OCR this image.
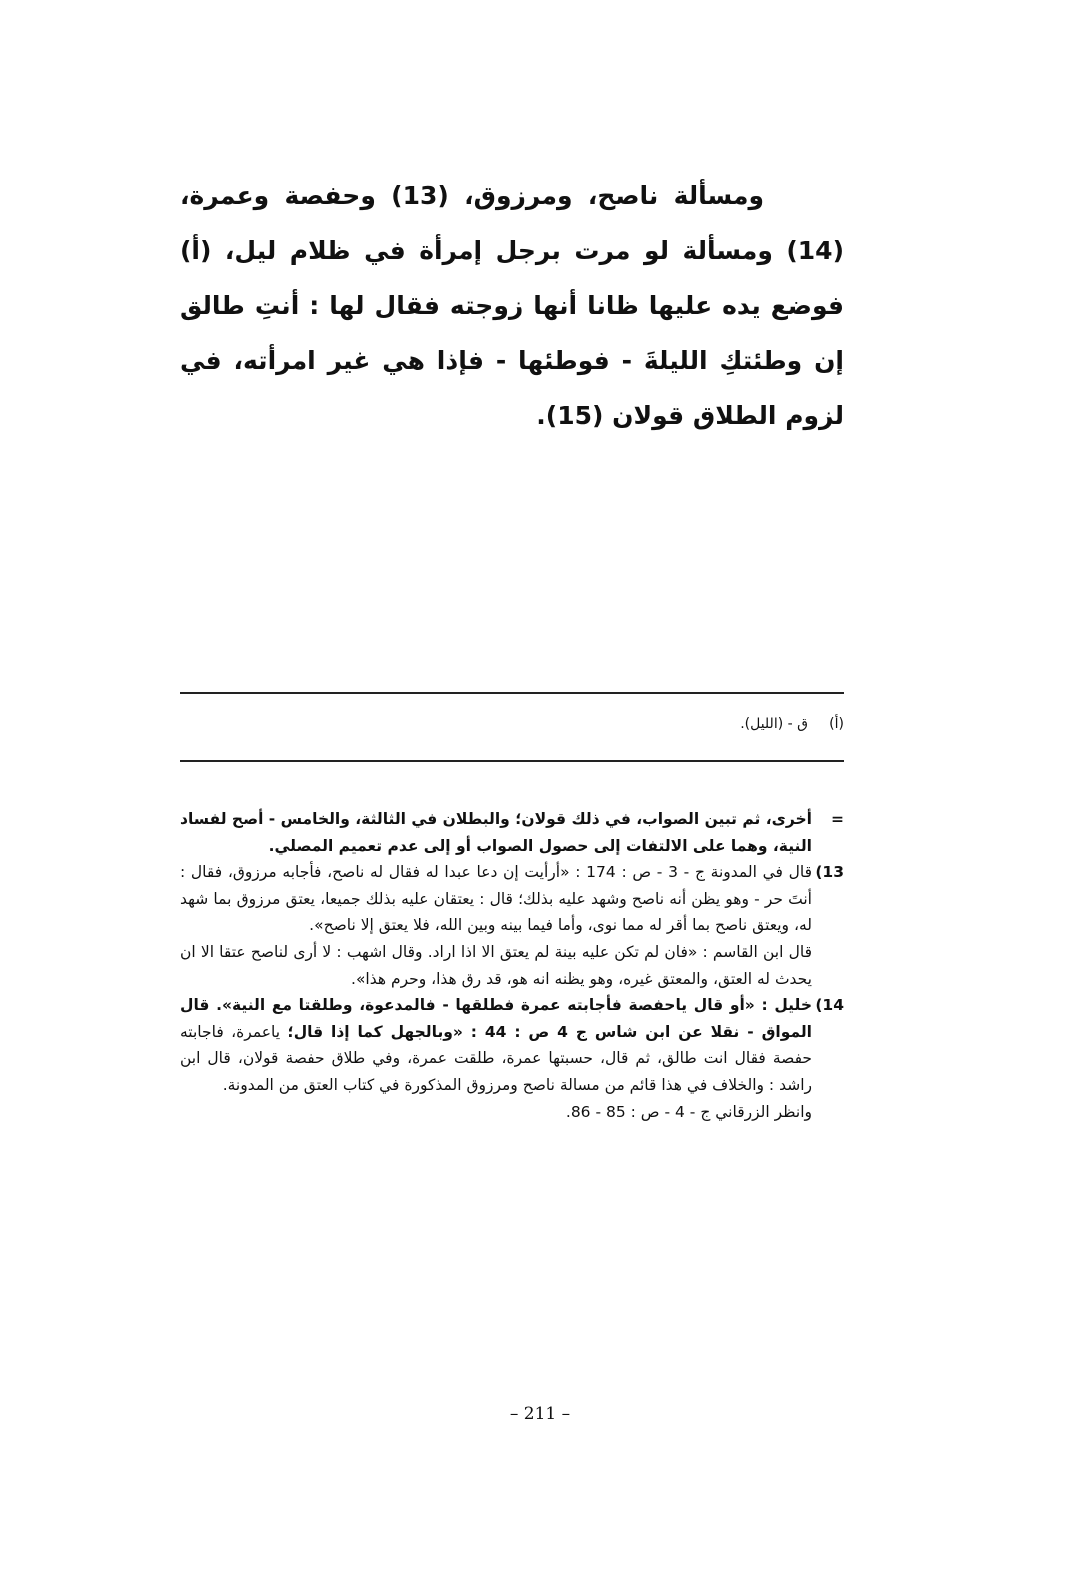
ومسألة ناصح، ومرزوق، (13) وحفصة وعمرة، (14) ومسألة لو مرت برجل إمرأة في ظلام ليل، (أ) فوضع يده عليها ظانا أنها زوجته فقال لها : أنتِ طالق إن وطئتكِ الليلةَ - فوطئها - فإذا هي غير امرأته، في لزوم الطلاق قولان (15).

(أ)ق - (الليل).
=

أخرى، ثم تبين الصواب، في ذلك قولان؛ والبطلان في الثالثة، والخامس - أصح لفساد النية، وهما على الالتفات إلى حصول الصواب أو إلى عدم تعميم المصلي.

13)

قال في المدونة ج - 3 - ص : 174 : «أرأيت إن دعا عبدا له فقال له ناصح، فأجابه مرزوق، فقال : أنتَ حر - وهو يظن أنه ناصح وشهد عليه بذلك؛ قال : يعتقان عليه بذلك جميعا، يعتق مرزوق بما شهد له، ويعتق ناصح بما أقر له مما نوى، وأما فيما بينه وبين الله، فلا يعتق إلا ناصح».

قال ابن القاسم : «فان لم تكن عليه بينة لم يعتق الا اذا اراد. وقال اشهب : لا أرى لناصح عتقا الا ان يحدث له العتق، والمعتق غيره، وهو يظنه انه هو، قد رق هذا، وحرم هذا».

14)

خليل : «أو قال ياحفصة فأجابته عمرة فطلقها - فالمدعوة، وطلقتا مع النية». قال المواق - نقلا عن ابن شاس ج 4 ص : 44 : «وبالجهل كما إذا قال؛ ياعمرة، فاجابته حفصة فقال انت طالق، ثم قال، حسبتها عمرة، طلقت عمرة، وفي طلاق حفصة قولان، قال ابن راشد : والخلاف في هذا قائم من مسالة ناصح ومرزوق المذكورة في كتاب العتق من المدونة.

وانظر الزرقاني ج - 4 - ص : 85 - 86.

– 211 –
